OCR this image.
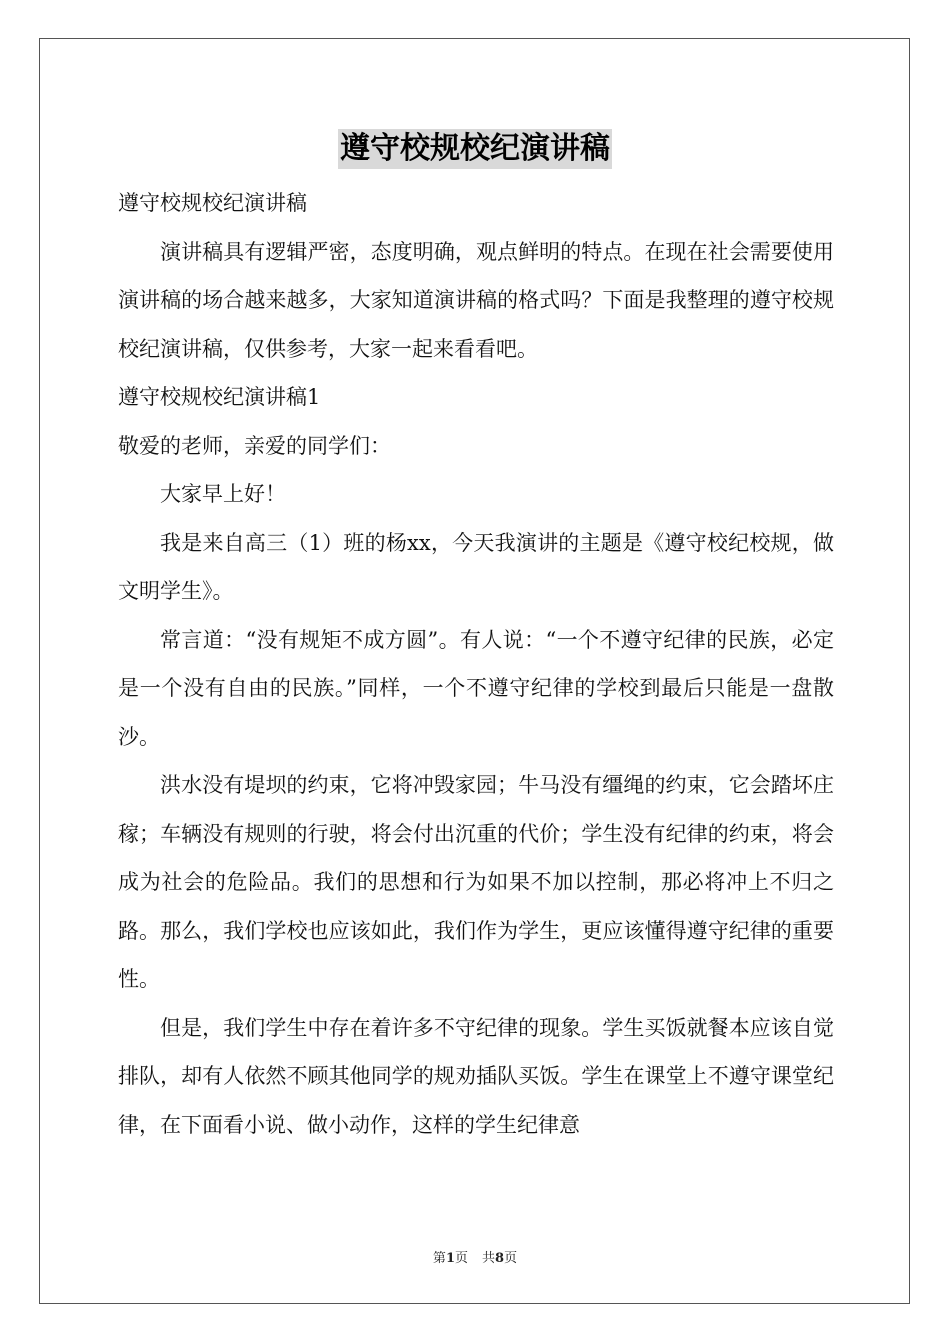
遵守校规校纪演讲稿

遵守校规校纪演讲稿

演讲稿具有逻辑严密，态度明确，观点鲜明的特点。在现在社会需要使用演讲稿的场合越来越多，大家知道演讲稿的格式吗？下面是我整理的遵守校规校纪演讲稿，仅供参考，大家一起来看看吧。

遵守校规校纪演讲稿1

敬爱的老师，亲爱的同学们：

大家早上好！

我是来自高三（1）班的杨xx，今天我演讲的主题是《遵守校纪校规，做文明学生》。

常言道：“没有规矩不成方圆”。有人说：“一个不遵守纪律的民族，必定是一个没有自由的民族。”同样，一个不遵守纪律的学校到最后只能是一盘散沙。

洪水没有堤坝的约束，它将冲毁家园；牛马没有缰绳的约束，它会踏坏庄稼；车辆没有规则的行驶，将会付出沉重的代价；学生没有纪律的约束，将会成为社会的危险品。我们的思想和行为如果不加以控制，那必将冲上不归之路。那么，我们学校也应该如此，我们作为学生，更应该懂得遵守纪律的重要性。

但是，我们学生中存在着许多不守纪律的现象。学生买饭就餐本应该自觉排队，却有人依然不顾其他同学的规劝插队买饭。学生在课堂上不遵守课堂纪律，在下面看小说、做小动作，这样的学生纪律意

第1页 共8页
